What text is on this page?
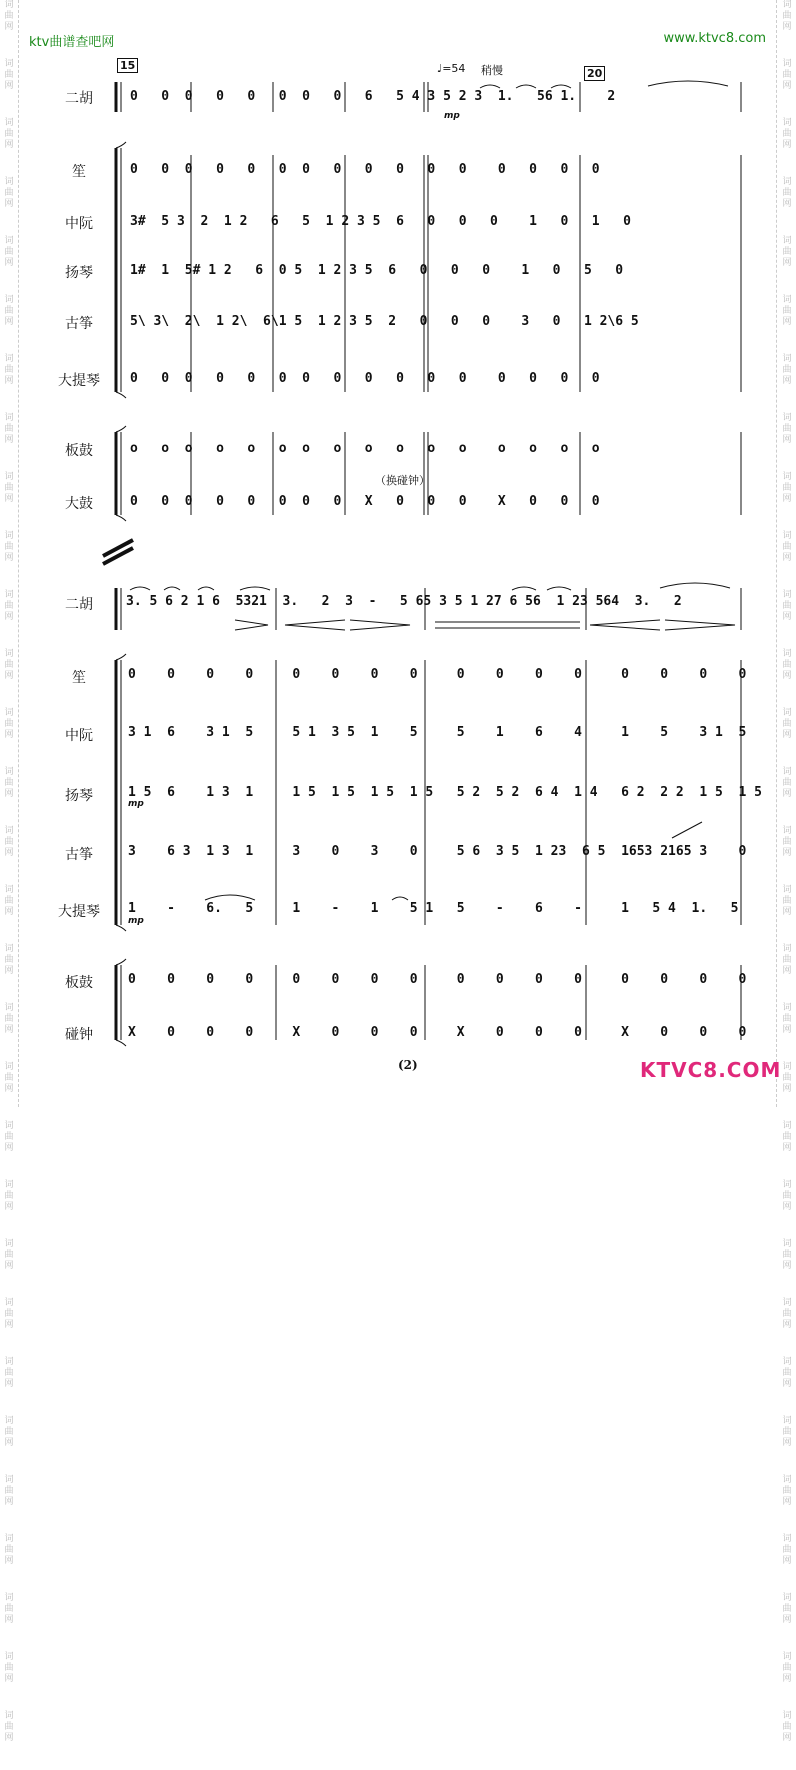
词
曲
网
词
曲
网
词
曲
网
词
曲
网
词
曲
网
词
曲
网
词
曲
网
词
曲
网
词
曲
网
词
曲
网
词
曲
网
词
曲
网
词
曲
网
词
曲
网
词
曲
网
词
曲
网
词
曲
网
词
曲
网
词
曲
网
词
曲
网
词
曲
网
词
曲
网
词
曲
网
词
曲
网
词
曲
网
词
曲
网
词
曲
网
词
曲
网
词
曲
网
词
曲
网
词
曲
网
词
曲
网
词
曲
网
词
曲
网
词
曲
网
词
曲
网
词
曲
网
词
曲
网
词
曲
网
词
曲
网
词
曲
网
词
曲
网
词
曲
网
词
曲
网
词
曲
网
词
曲
网
词
曲
网
词
曲
网
词
曲
网
词
曲
网
词
曲
网
词
曲
网
词
曲
网
词
曲
网
词
曲
网
词
曲
网
词
曲
网
词
曲
网
词
曲
网
词
曲
网
ktv曲谱查吧网	www.ktvc8.com
15
20
♩=54 稍慢
（换碰钟）
二胡
笙
中阮
扬琴
古筝
大提琴
板鼓
大鼓
0   0  0   0   0   0  0   0   6   5 4 3 5 2 3  1.   56 1.    2
0   0  0   0   0   0  0   0   0   0   0   0    0   0   0   0
3#  5 3  2  1 2   6   5  1 2 3 5  6   0   0   0    1   0   1   0
1#  1  5# 1 2   6  0 5  1 2 3 5  6   0   0   0    1   0   5   0
5\ 3\  2\  1 2\  6\1 5  1 2 3 5  2   0   0   0    3   0   1 2\6 5
0   0  0   0   0   0  0   0   0   0   0   0    0   0   0   0
o   o  o   o   o   o  o   o   o   o   o   o    o   o   o   o
0   0  0   0   0   0  0   0   X   0   0   0    X   0   0   0
mp
二胡
笙
中阮
扬琴
古筝
大提琴
板鼓
碰钟
3. 5 6 2 1 6  5321  3.   2  3  -   5 65 3 5 1 27 6 56  1 23 564  3.   2
0    0    0    0     0    0    0    0     0    0    0    0     0    0    0    0
3 1  6    3 1  5     5 1  3 5  1    5     5    1    6    4     1    5    3 1  5
1 5  6    1 3  1     1 5  1 5  1 5  1 5   5 2  5 2  6 4  1 4   6 2  2 2  1 5  1 5
3    6 3  1 3  1     3    0    3    0     5 6  3 5  1 23  6 5  1653 2165 3    0
1    -    6.   5     1    -    1    5 1   5    -    6    -     1   5 4  1.   5
0    0    0    0     0    0    0    0     0    0    0    0     0    0    0    0
X    0    0    0     X    0    0    0     X    0    0    0     X    0    0    0
mp
mp
(2)	KTVC8.COM
